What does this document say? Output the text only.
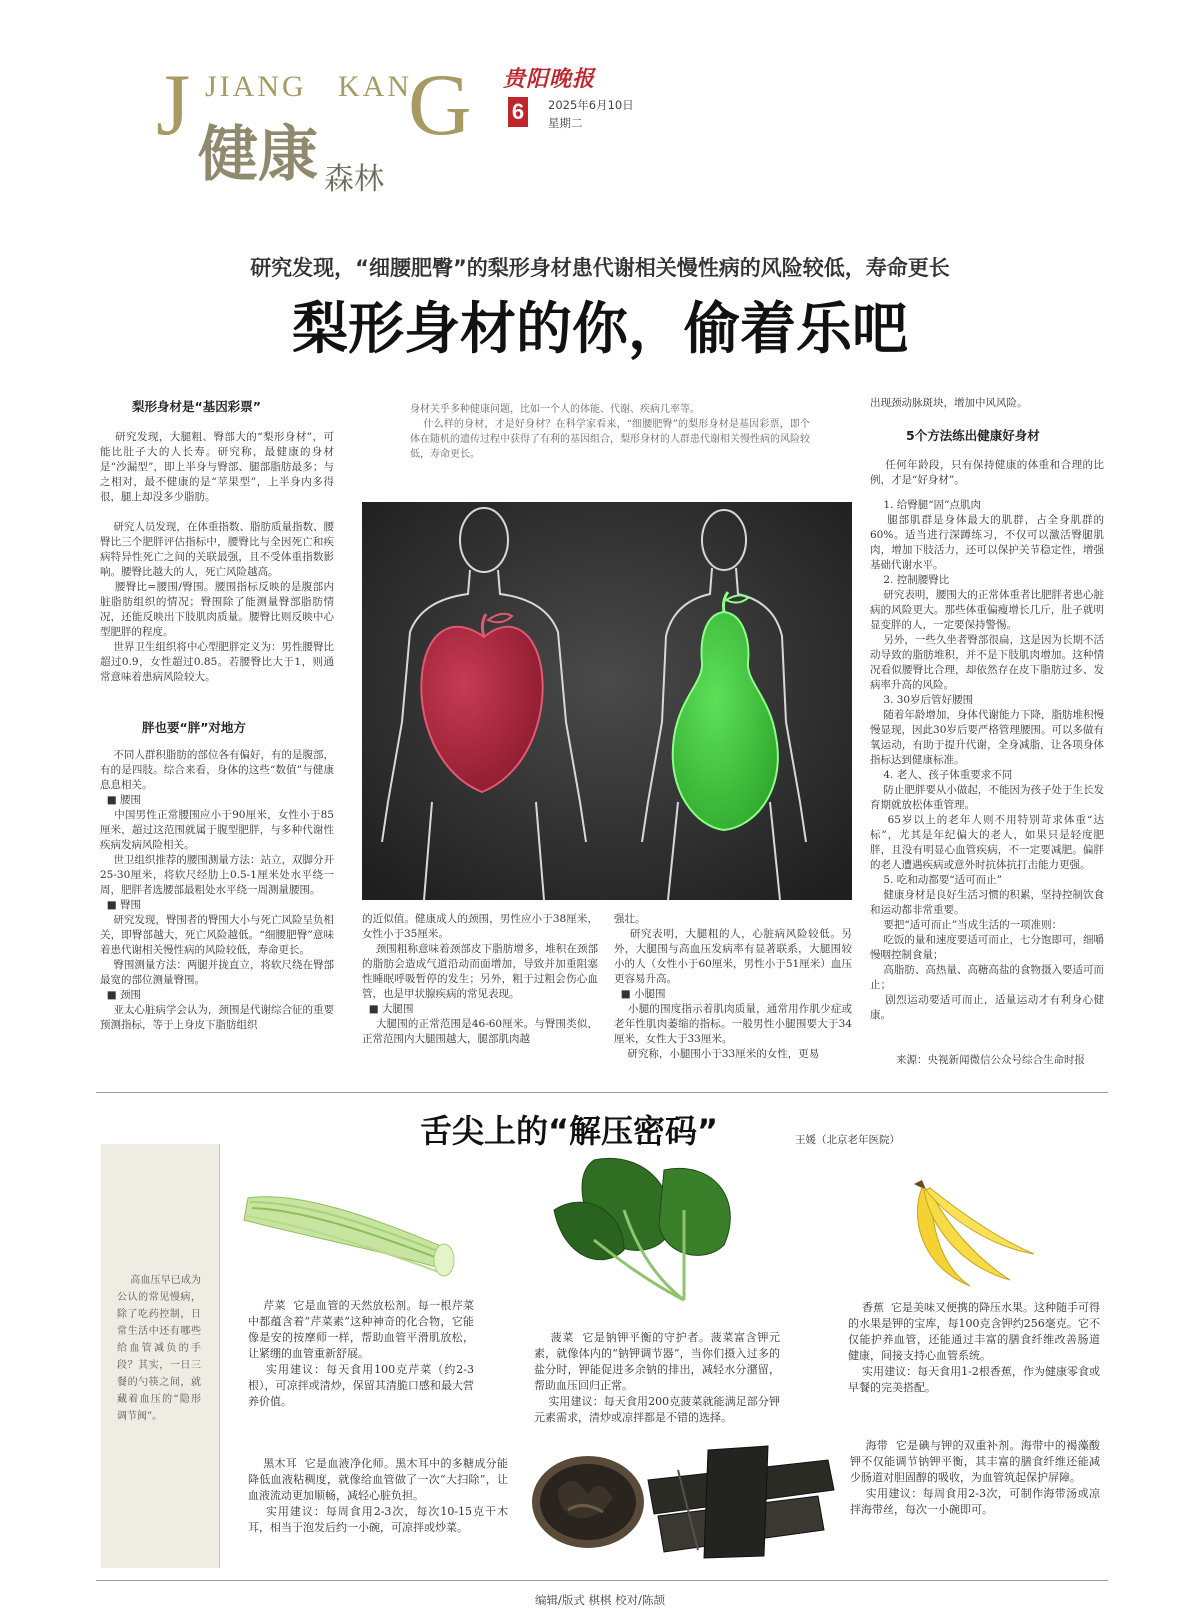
J JIANG KAN
G
健康 森林
贵阳晚报
6	2025年6月10日
星期二
研究发现，“细腰肥臀”的梨形身材患代谢相关慢性病的风险较低，寿命更长
梨形身材的你，偷着乐吧
梨形身材是“基因彩票”
研究发现，大腿粗、臀部大的“梨形身材”，可能比肚子大的人长寿。研究称，最健康的身材是“沙漏型”，即上半身与臀部、腿部脂肪最多；与之相对，最不健康的是“苹果型”，上半身内多得很，腿上却没多少脂肪。
研究人员发现，在体重指数、脂肪质量指数、腰臀比三个肥胖评估指标中，腰臀比与全因死亡和疾病特异性死亡之间的关联最强，且不受体重指数影响。腰臀比越大的人，死亡风险越高。
腰臀比=腰围/臀围。腰围指标反映的是腹部内脏脂肪组织的情况；臀围除了能测量臀部脂肪情况，还能反映出下肢肌肉质量。腰臀比则反映中心型肥胖的程度。
世界卫生组织将中心型肥胖定义为：男性腰臀比超过0.9，女性超过0.85。若腰臀比大于1，则通常意味着患病风险较大。
胖也要“胖”对地方
不同人群积脂肪的部位各有偏好，有的是腹部，有的是四肢。综合来看，身体的这些“数值”与健康息息相关。
■ 腰围
中国男性正常腰围应小于90厘米，女性小于85厘米，超过这范围就属于腹型肥胖，与多种代谢性疾病发病风险相关。
世卫组织推荐的腰围测量方法：站立，双脚分开25-30厘米，将软尺经肋上0.5-1厘米处水平绕一周，肥胖者选腰部最粗处水平绕一周测量腰围。
■ 臀围
研究发现，臀围者的臀围大小与死亡风险呈负相关，即臀部越大，死亡风险越低。“细腰肥臀”意味着患代谢相关慢性病的风险较低，寿命更长。
臀围测量方法：两腿并拢直立，将软尺绕在臀部最宽的部位测量臀围。
■ 颈围
亚太心脏病学会认为，颈围是代谢综合征的重要预测指标，等于上身皮下脂肪组织
身材关乎多种健康问题，比如一个人的体能、代谢、疾病几率等。
什么样的身材，才是好身材？在科学家看来，“细腰肥臀”的梨形身材是基因彩票，即个体在随机的遗传过程中获得了有利的基因组合，梨形身材的人群患代谢相关慢性病的风险较低，寿命更长。
的近似值。健康成人的颈围，男性应小于38厘米，女性小于35厘米。
颈围粗称意味着颈部皮下脂肪增多，堆积在颈部的脂肪会造成气道沿动而面增加，导致并加重阻塞性睡眠呼吸暂停的发生；另外，粗于过粗会伤心血管，也是甲状腺疾病的常见表现。
■ 大腿围
大腿围的正常范围是46-60厘米。与臀围类似，正常范围内大腿围越大，腿部肌肉越
强壮。
研究表明，大腿粗的人，心脏病风险较低。另外，大腿围与高血压发病率有显著联系，大腿围较小的人（女性小于60厘米，男性小于51厘米）血压更容易升高。
■ 小腿围
小腿的围度指示着肌肉质量，通常用作肌少症或老年性肌肉萎缩的指标。一般男性小腿围要大于34厘米，女性大于33厘米。
研究称，小腿围小于33厘米的女性，更易
出现颈动脉斑块，增加中风风险。
5个方法练出健康好身材
任何年龄段，只有保持健康的体重和合理的比例，才是“好身材”。
1. 给臀腿“固”点肌肉
腿部肌群是身体最大的肌群，占全身肌群的60%。适当进行深蹲练习，不仅可以激活臀腿肌肉，增加下肢活力，还可以保护关节稳定性，增强基础代谢水平。
2. 控制腰臀比
研究表明，腰围大的正常体重者比肥胖者患心脏病的风险更大。那些体重偏瘦增长几斤，肚子就明显变胖的人，一定要保持警惕。
另外，一些久坐者臀部很扁，这是因为长期不活动导致的脂肪堆积，并不是下肢肌肉增加。这种情况看似腰臀比合理，却依然存在皮下脂肪过多、发病率升高的风险。
3. 30岁后管好腰围
随着年龄增加，身体代谢能力下降，脂肪堆积慢慢显现，因此30岁后要严格管理腰围。可以多做有氧运动，有助于提升代谢，全身减脂，让各项身体指标达到健康标准。
4. 老人、孩子体重要求不同
防止肥胖要从小做起，不能因为孩子处于生长发育期就放松体重管理。
65岁以上的老年人则不用特别苛求体重“达标”，尤其是年纪偏大的老人，如果只是轻度肥胖，且没有明显心血管疾病，不一定要减肥。偏胖的老人遭遇疾病或意外时抗体抗打击能力更强。
5. 吃和动都要“适可而止”
健康身材是良好生活习惯的积累，坚持控制饮食和运动都非常重要。
要把“适可而止”当成生活的一项准则：
吃饭的量和速度要适可而止，七分饱即可，细嚼慢咽控制食量；
高脂肪、高热量、高糖高盐的食物摄入要适可而止；
剧烈运动要适可而止，适量运动才有利身心健康。
来源：央视新闻微信公众号综合生命时报
舌尖上的“解压密码”	王媛（北京老年医院）
高血压早已成为公认的常见慢病，除了吃药控制，日常生活中还有哪些给血管减负的手段？其实，一日三餐的勺筷之间，就藏着血压的“隐形调节阀”。
芹菜  它是血管的天然放松剂。每一根芹菜中都蕴含着“芹菜素”这种神奇的化合物，它能像是安的按摩师一样，帮助血管平滑肌放松，让紧绷的血管重新舒展。
实用建议：每天食用100克芹菜（约2-3根），可凉拌或清炒，保留其清脆口感和最大营养价值。
菠菜  它是钠钾平衡的守护者。菠菜富含钾元素，就像体内的“钠钾调节器”，当你们摄入过多的盐分时，钾能促进多余钠的排出，减轻水分潴留，帮助血压回归正常。
实用建议：每天食用200克菠菜就能满足部分钾元素需求，清炒或凉拌都是不错的选择。
香蕉  它是美味又便携的降压水果。这种随手可得的水果是钾的宝库，每100克含钾约256毫克。它不仅能护养血管，还能通过丰富的膳食纤维改善肠道健康，间接支持心血管系统。
实用建议：每天食用1-2根香蕉，作为健康零食或早餐的完美搭配。
黑木耳  它是血液净化师。黑木耳中的多糖成分能降低血液粘稠度，就像给血管做了一次“大扫除”，让血液流动更加顺畅，减轻心脏负担。
实用建议：每周食用2-3次，每次10-15克干木耳，相当于泡发后约一小碗，可凉拌或炒菜。
海带  它是碘与钾的双重补剂。海带中的褐藻酸钾不仅能调节钠钾平衡，其丰富的膳食纤维还能减少肠道对胆固醇的吸收，为血管筑起保护屏障。
实用建议：每周食用2-3次，可制作海带汤或凉拌海带丝，每次一小碗即可。
编辑/版式 棋棋 校对/陈颉
